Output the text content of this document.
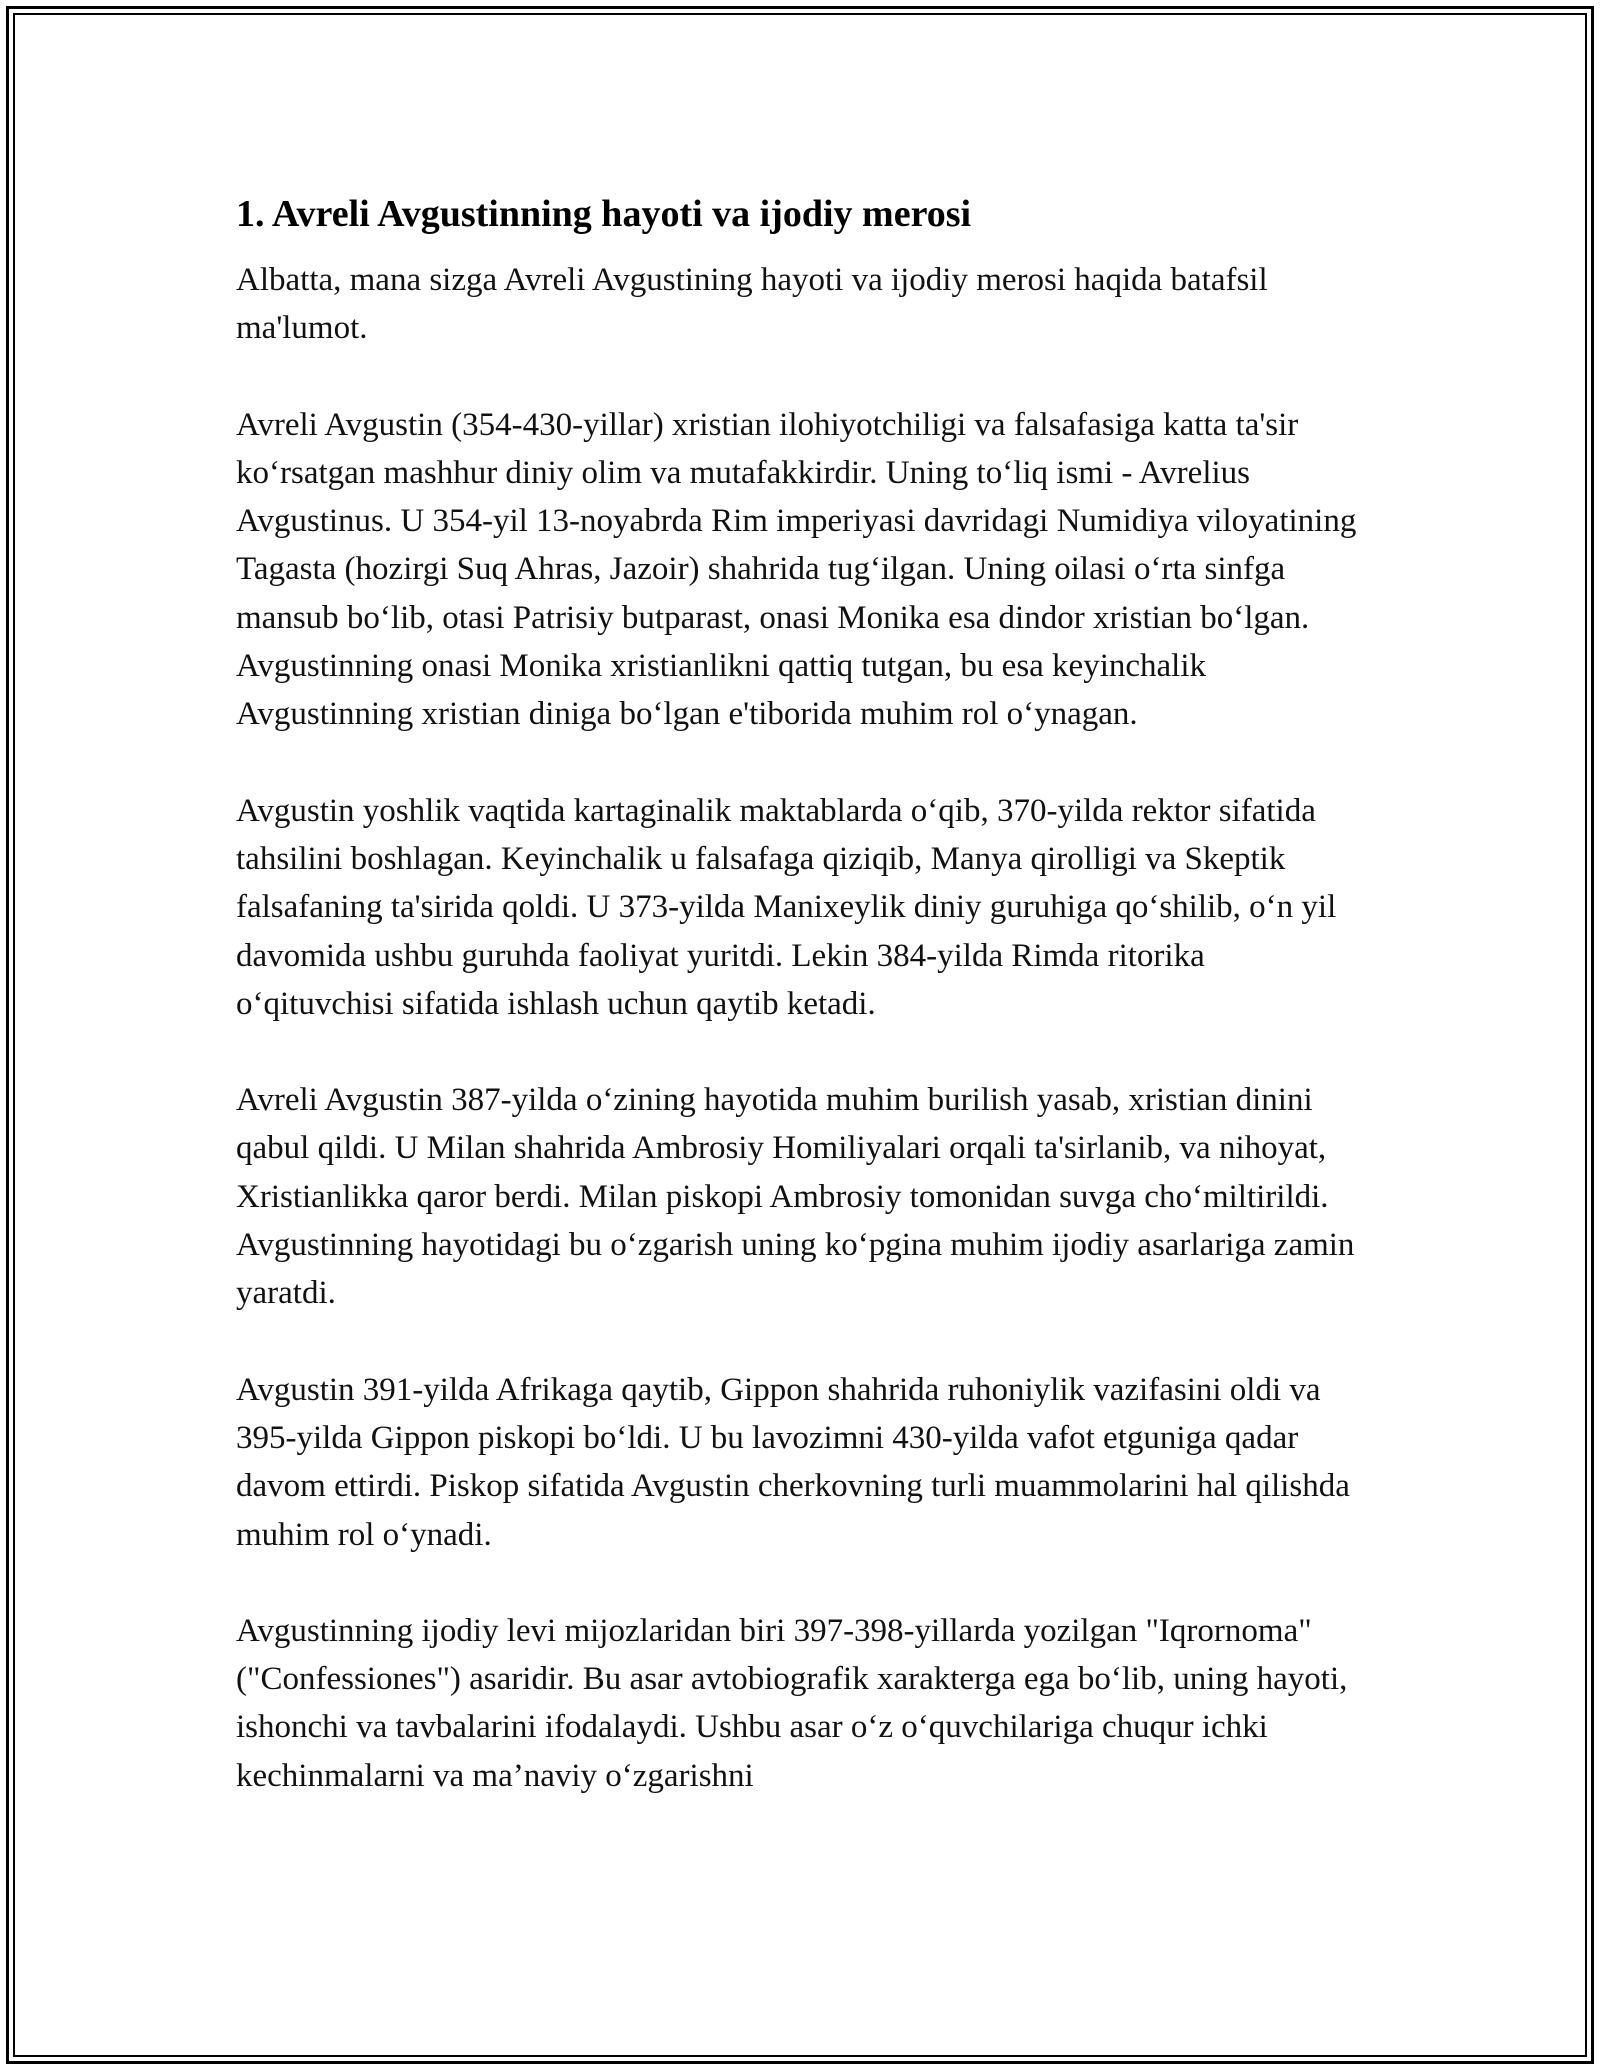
1. Avreli Avgustinning hayoti va ijodiy merosi

Albatta, mana sizga Avreli Avgustining hayoti va ijodiy merosi haqida batafsil ma'lumot.

Avreli Avgustin (354-430-yillar) xristian ilohiyotchiligi va falsafasiga katta ta'sir ko‘rsatgan mashhur diniy olim va mutafakkirdir. Uning to‘liq ismi - Avrelius Avgustinus. U 354-yil 13-noyabrda Rim imperiyasi davridagi Numidiya viloyatining Tagasta (hozirgi Suq Ahras, Jazoir) shahrida tug‘ilgan. Uning oilasi o‘rta sinfga mansub bo‘lib, otasi Patrisiy butparast, onasi Monika esa dindor xristian bo‘lgan. Avgustinning onasi Monika xristianlikni qattiq tutgan, bu esa keyinchalik Avgustinning xristian diniga bo‘lgan e'tiborida muhim rol o‘ynagan.

Avgustin yoshlik vaqtida kartaginalik maktablarda o‘qib, 370-yilda rektor sifatida tahsilini boshlagan. Keyinchalik u falsafaga qiziqib, Manya qirolligi va Skeptik falsafaning ta'sirida qoldi. U 373-yilda Manixeylik diniy guruhiga qo‘shilib, o‘n yil davomida ushbu guruhda faoliyat yuritdi. Lekin 384-yilda Rimda ritorika o‘qituvchisi sifatida ishlash uchun qaytib ketadi.

Avreli Avgustin 387-yilda o‘zining hayotida muhim burilish yasab, xristian dinini qabul qildi. U Milan shahrida Ambrosiy Homiliyalari orqali ta'sirlanib, va nihoyat, Xristianlikka qaror berdi. Milan piskopi Ambrosiy tomonidan suvga cho‘miltirildi. Avgustinning hayotidagi bu o‘zgarish uning ko‘pgina muhim ijodiy asarlariga zamin yaratdi.

Avgustin 391-yilda Afrikaga qaytib, Gippon shahrida ruhoniylik vazifasini oldi va 395-yilda Gippon piskopi bo‘ldi. U bu lavozimni 430-yilda vafot etguniga qadar davom ettirdi. Piskop sifatida Avgustin cherkovning turli muammolarini hal qilishda muhim rol o‘ynadi.

Avgustinning ijodiy levi mijozlaridan biri 397-398-yillarda yozilgan "Iqrornoma" ("Confessiones") asaridir. Bu asar avtobiografik xarakterga ega bo‘lib, uning hayoti, ishonchi va tavbalarini ifodalaydi. Ushbu asar o‘z o‘quvchilariga chuqur ichki kechinmalarni va ma’naviy o‘zgarishni
